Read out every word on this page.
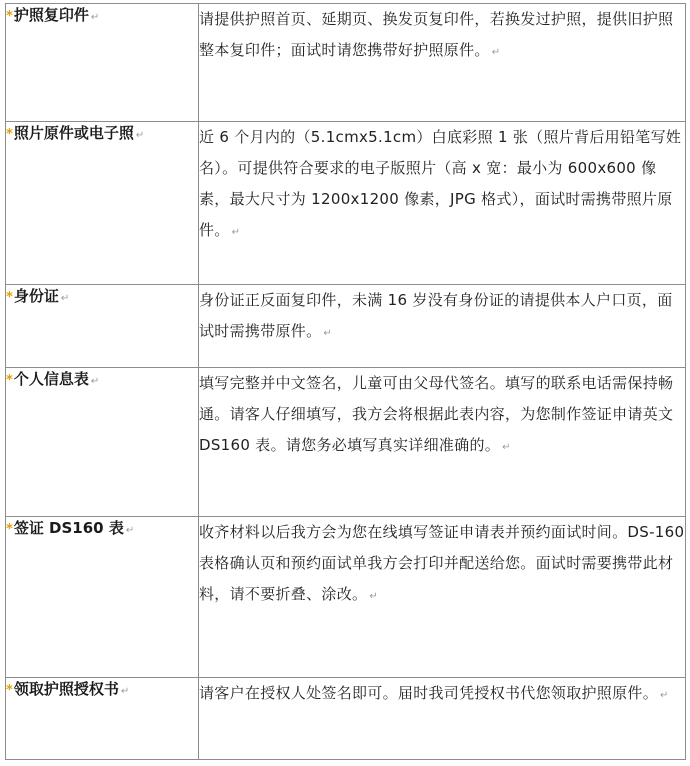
*护照复印件 ↵	请提供护照首页、延期页、换发页复印件，若换发过护照，提供旧护照整本复印件；面试时请您携带好护照原件。 ↵

*照片原件或电子照 ↵	近 6 个月内的（5.1cmx5.1cm）白底彩照 1 张（照片背后用铅笔写姓名）。可提供符合要求的电子版照片（高 x 宽：最小为 600x600 像素，最大尺寸为 1200x1200 像素，JPG 格式），面试时需携带照片原件。 ↵

*身份证 ↵	身份证正反面复印件，未满 16 岁没有身份证的请提供本人户口页，面试时需携带原件。 ↵

*个人信息表 ↵	填写完整并中文签名，儿童可由父母代签名。填写的联系电话需保持畅通。请客人仔细填写，我方会将根据此表内容，为您制作签证申请英文 DS160 表。请您务必填写真实详细准确的。 ↵

*签证 DS160 表 ↵	收齐材料以后我方会为您在线填写签证申请表并预约面试时间。DS-160 表格确认页和预约面试单我方会打印并配送给您。面试时需要携带此材料，请不要折叠、涂改。 ↵

*领取护照授权书 ↵	请客户在授权人处签名即可。届时我司凭授权书代您领取护照原件。 ↵
